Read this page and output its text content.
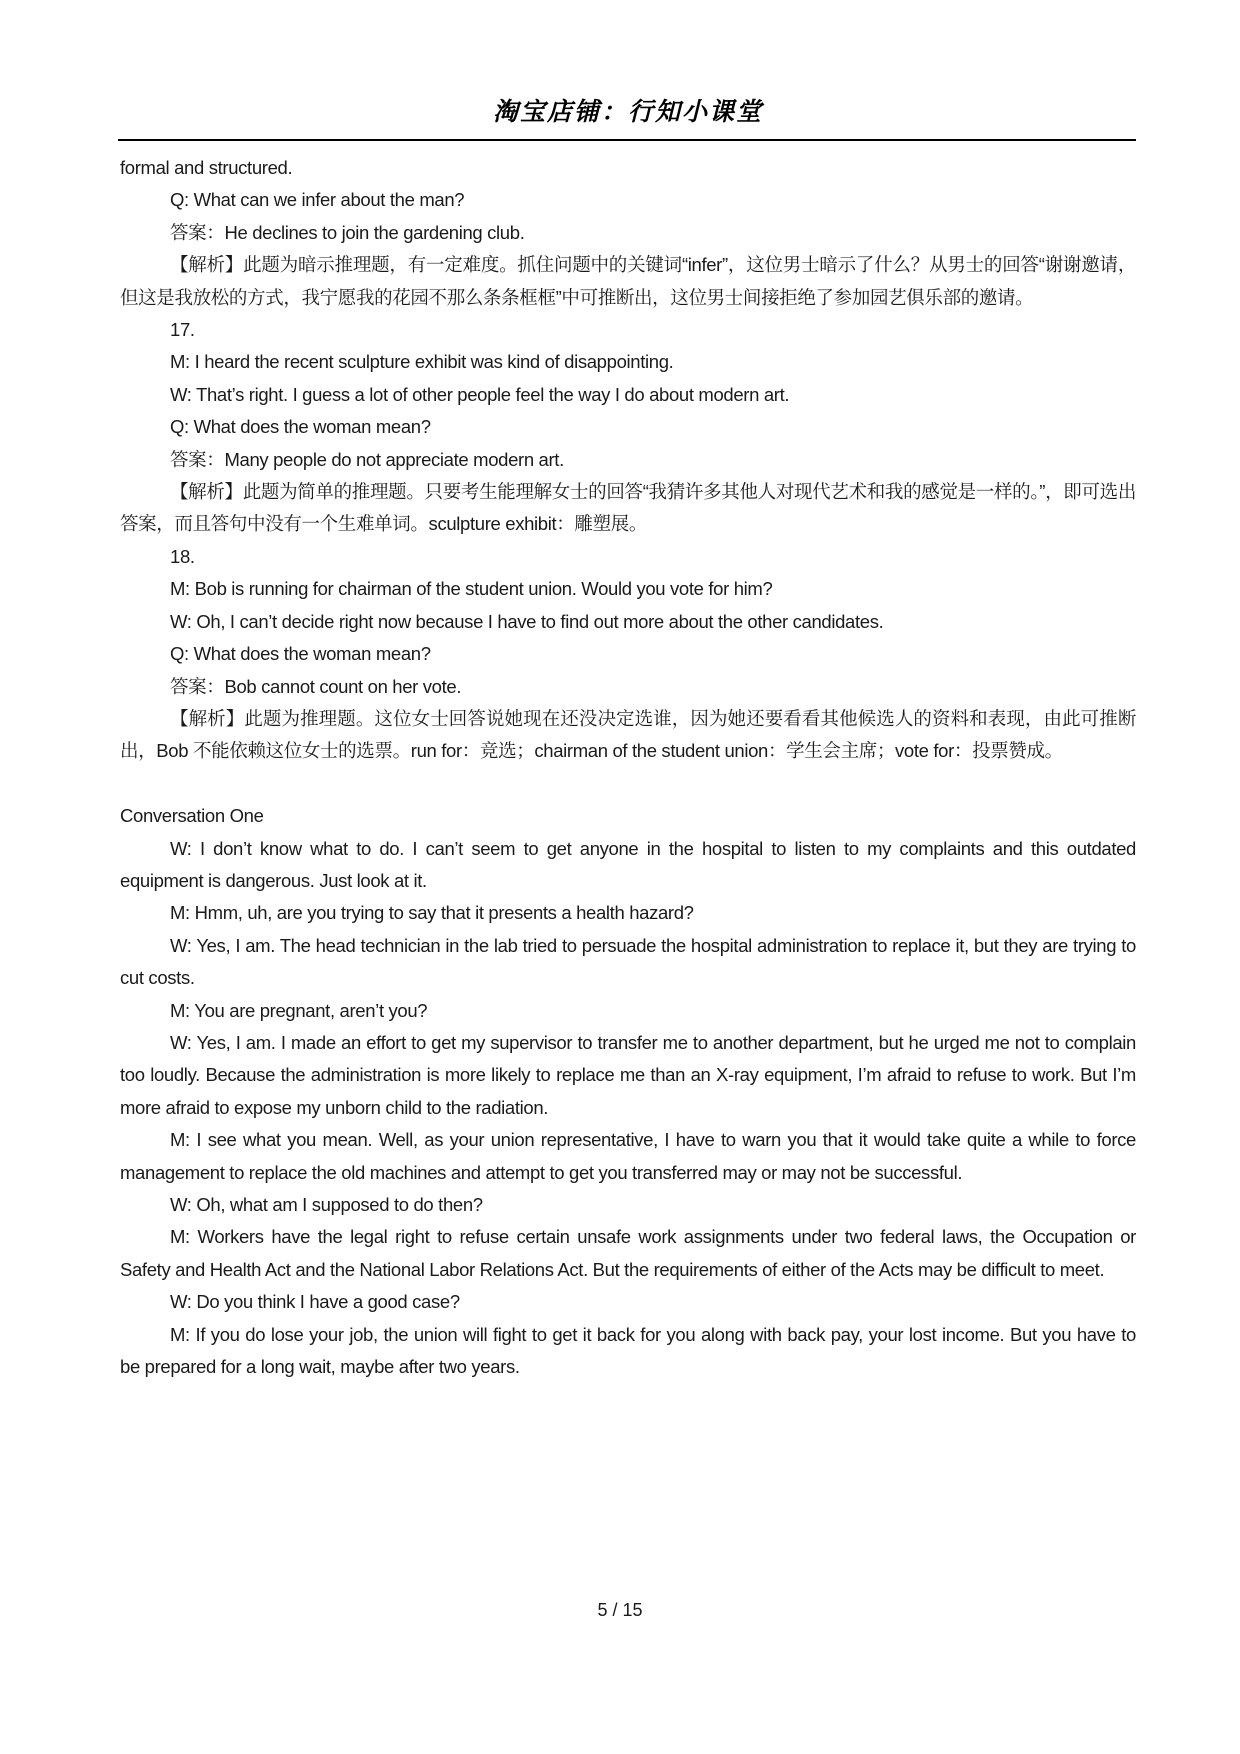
淘宝店铺：行知小课堂

formal and structured.

Q: What can we infer about the man?

答案：He declines to join the gardening club.

【解析】此题为暗示推理题，有一定难度。抓住问题中的关键词“infer”，这位男士暗示了什么？从男士的回答“谢谢邀请，但这是我放松的方式，我宁愿我的花园不那么条条框框”中可推断出，这位男士间接拒绝了参加园艺俱乐部的邀请。

17.

M: I heard the recent sculpture exhibit was kind of disappointing.

W: That’s right. I guess a lot of other people feel the way I do about modern art.

Q: What does the woman mean?

答案：Many people do not appreciate modern art.

【解析】此题为简单的推理题。只要考生能理解女士的回答“我猜许多其他人对现代艺术和我的感觉是一样的。”，即可选出答案，而且答句中没有一个生难单词。sculpture exhibit：雕塑展。

18.

M: Bob is running for chairman of the student union. Would you vote for him?

W: Oh, I can’t decide right now because I have to find out more about the other candidates.

Q: What does the woman mean?

答案：Bob cannot count on her vote.

【解析】此题为推理题。这位女士回答说她现在还没决定选谁，因为她还要看看其他候选人的资料和表现，由此可推断出，Bob 不能依赖这位女士的选票。run for：竞选；chairman of the student union：学生会主席；vote for：投票赞成。

Conversation One

W: I don’t know what to do. I can’t seem to get anyone in the hospital to listen to my complaints and this outdated equipment is dangerous. Just look at it.

M: Hmm, uh, are you trying to say that it presents a health hazard?

W: Yes, I am. The head technician in the lab tried to persuade the hospital administration to replace it, but they are trying to cut costs.

M: You are pregnant, aren’t you?

W: Yes, I am. I made an effort to get my supervisor to transfer me to another department, but he urged me not to complain too loudly. Because the administration is more likely to replace me than an X-ray equipment, I’m afraid to refuse to work. But I’m more afraid to expose my unborn child to the radiation.

M: I see what you mean. Well, as your union representative, I have to warn you that it would take quite a while to force management to replace the old machines and attempt to get you transferred may or may not be successful.

W: Oh, what am I supposed to do then?

M: Workers have the legal right to refuse certain unsafe work assignments under two federal laws, the Occupation or Safety and Health Act and the National Labor Relations Act. But the requirements of either of the Acts may be difficult to meet.

W: Do you think I have a good case?

M: If you do lose your job, the union will fight to get it back for you along with back pay, your lost income. But you have to be prepared for a long wait, maybe after two years.

5 / 15
